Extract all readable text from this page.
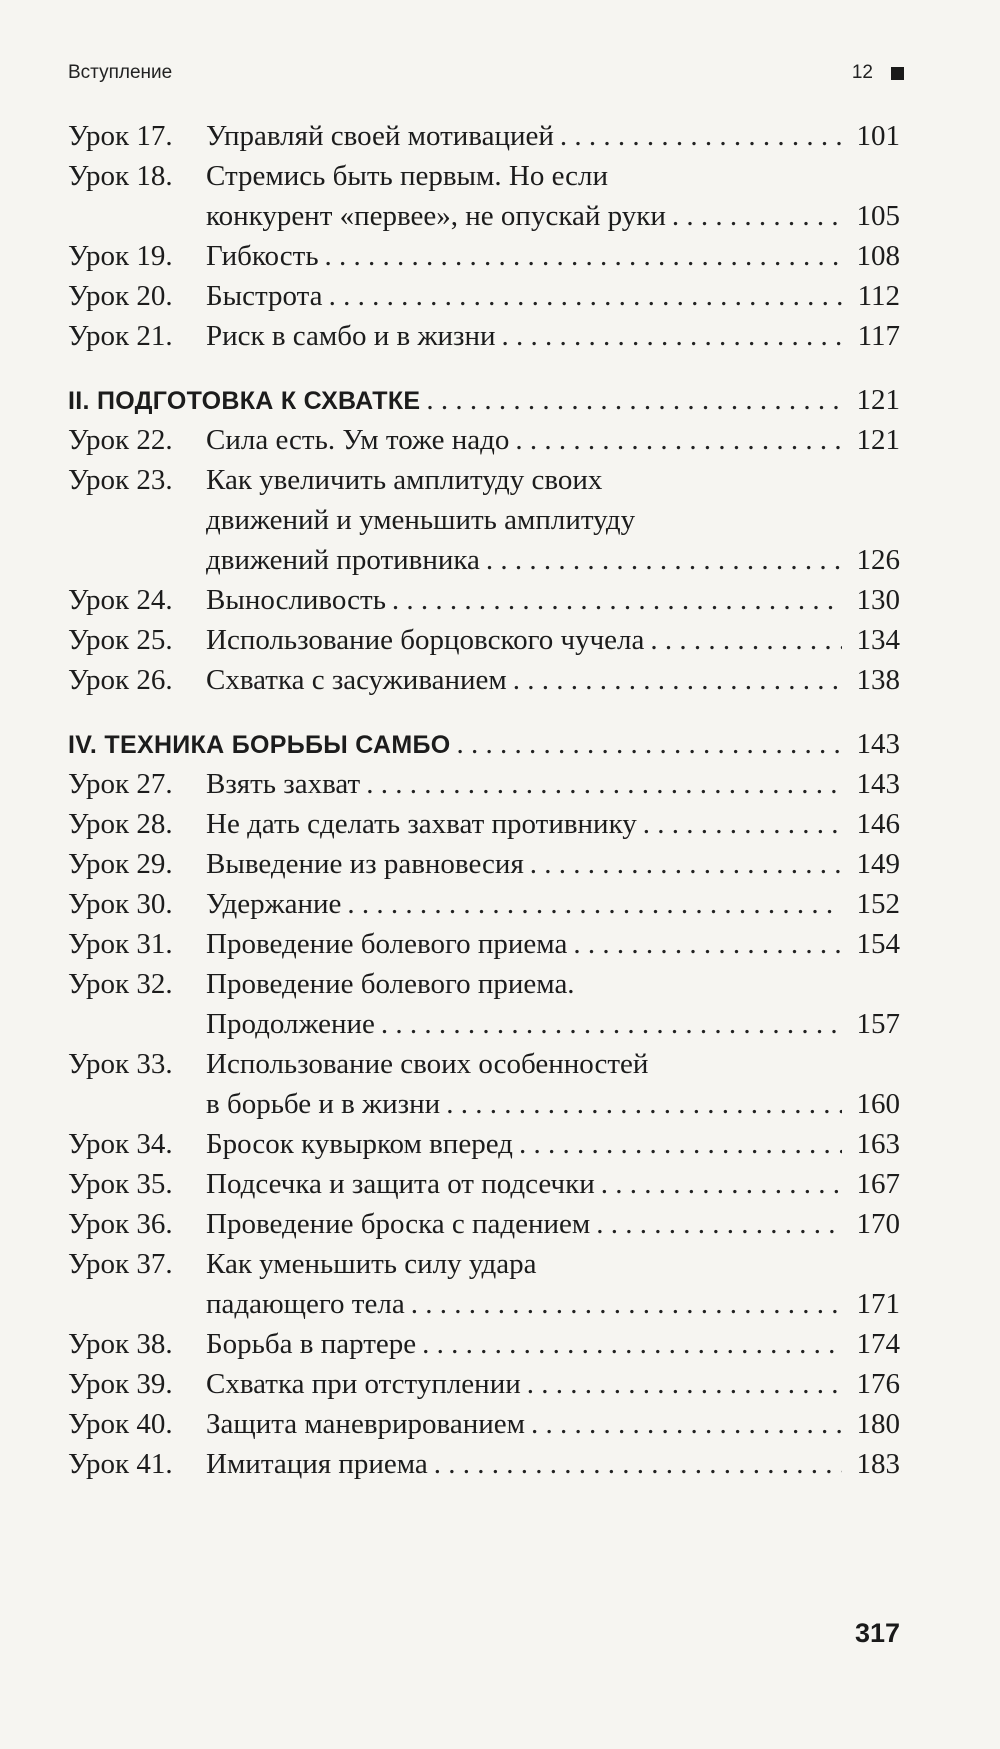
Вступление	12
Урок 17.	Управляй своей мотивацией . . .	101
Урок 18.	Стремись быть первым. Но если
конкурент «первее», не опускай руки . . .	105
Урок 19.	Гибкость . . .	108
Урок 20.	Быстрота . . .	112
Урок 21.	Риск в самбо и в жизни . . .	117
II. ПОДГОТОВКА К СХВАТКЕ . . .	121
Урок 22.	Сила есть. Ум тоже надо . . .	121
Урок 23.	Как увеличить амплитуду своих
движений и уменьшить амплитуду
движений противника . . .	126
Урок 24.	Выносливость . . .	130
Урок 25.	Использование борцовского чучела . . .	134
Урок 26.	Схватка с засуживанием . . .	138
IV. ТЕХНИКА БОРЬБЫ САМБО . . .	143
Урок 27.	Взять захват . . .	143
Урок 28.	Не дать сделать захват противнику . . .	146
Урок 29.	Выведение из равновесия . . .	149
Урок 30.	Удержание . . .	152
Урок 31.	Проведение болевого приема . . .	154
Урок 32.	Проведение болевого приема.
Продолжение . . .	157
Урок 33.	Использование своих особенностей
в борьбе и в жизни . . .	160
Урок 34.	Бросок кувырком вперед . . .	163
Урок 35.	Подсечка и защита от подсечки . . .	167
Урок 36.	Проведение броска с падением . . .	170
Урок 37.	Как уменьшить силу удара
падающего тела . . .	171
Урок 38.	Борьба в партере . . .	174
Урок 39.	Схватка при отступлении . . .	176
Урок 40.	Защита маневрированием . . .	180
Урок 41.	Имитация приема . . .	183
317
